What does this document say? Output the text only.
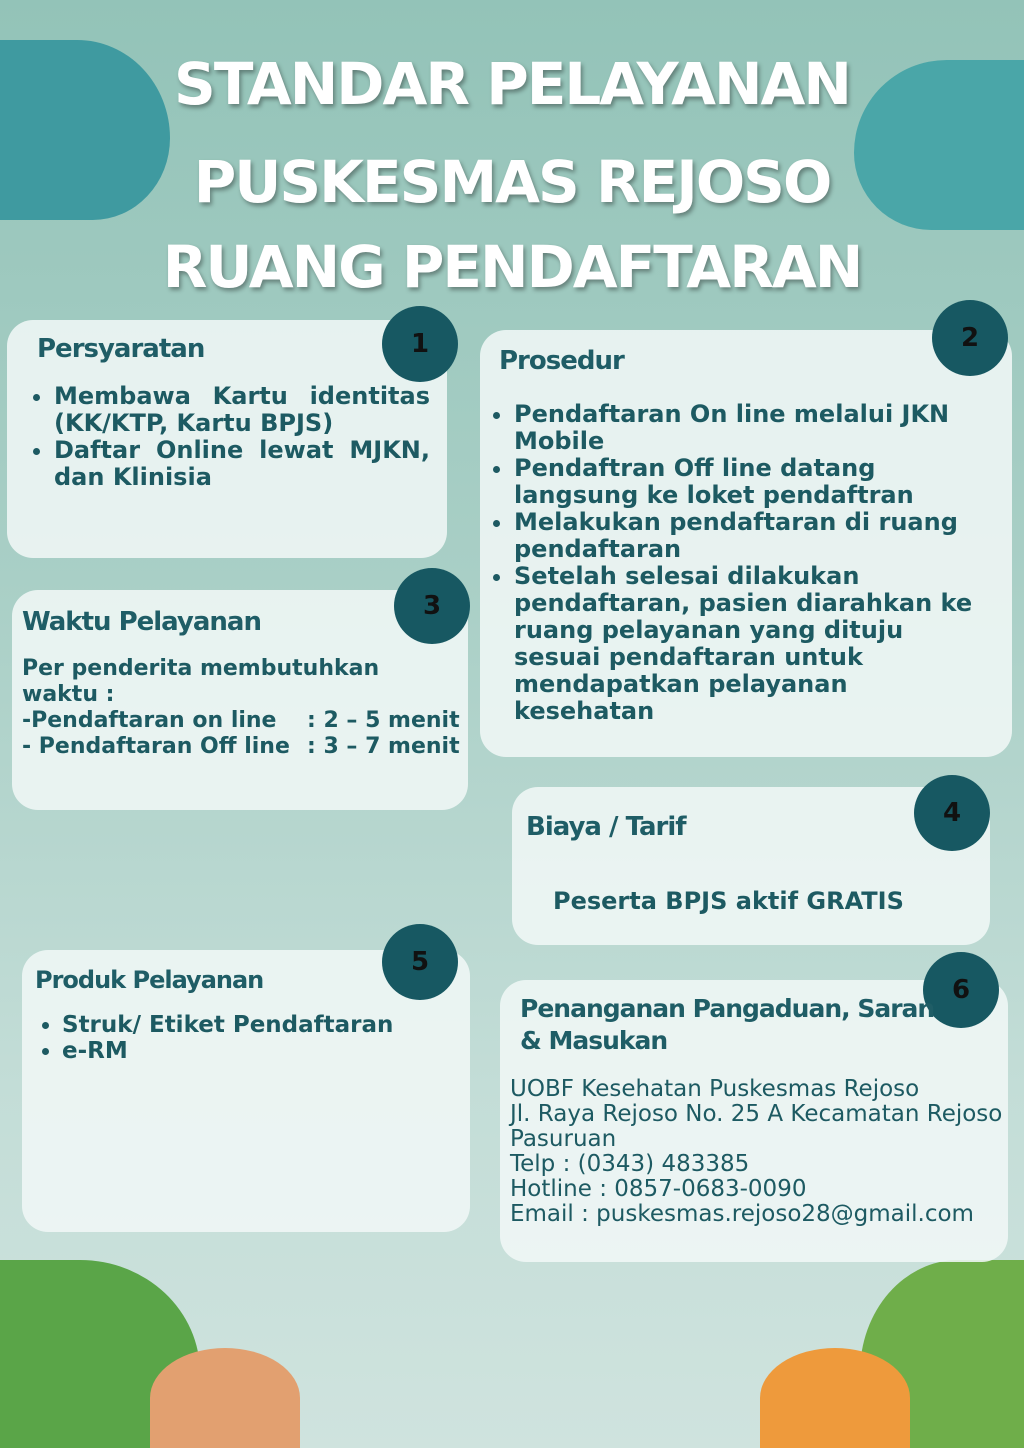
STANDAR PELAYANAN
PUSKESMAS REJOSO
RUANG PENDAFTARAN
1
Persyaratan
• Membawa Kartu identitas (KK/KTP, Kartu BPJS)
• Daftar Online lewat MJKN, dan Klinisia
2
Prosedur
• Pendaftaran On line melalui JKN Mobile
• Pendaftran Off line datang langsung ke loket pendaftran
• Melakukan pendaftaran di ruang pendaftaran
• Setelah selesai dilakukan pendaftaran, pasien diarahkan ke ruang pelayanan yang dituju sesuai pendaftaran untuk mendapatkan pelayanan kesehatan
3
Waktu Pelayanan
Per penderita membutuhkan waktu :
-Pendaftaran on line	: 2 – 5 menit
- Pendaftaran Off line : 3 – 7 menit
4
Biaya / Tarif
Peserta BPJS aktif GRATIS
5
Produk Pelayanan
• Struk/ Etiket Pendaftaran
• e-RM
6
Penanganan Pangaduan, Saran
& Masukan
UOBF Kesehatan Puskesmas Rejoso
Jl. Raya Rejoso No. 25 A Kecamatan Rejoso
Pasuruan
Telp : (0343) 483385
Hotline : 0857-0683-0090
Email : puskesmas.rejoso28@gmail.com
